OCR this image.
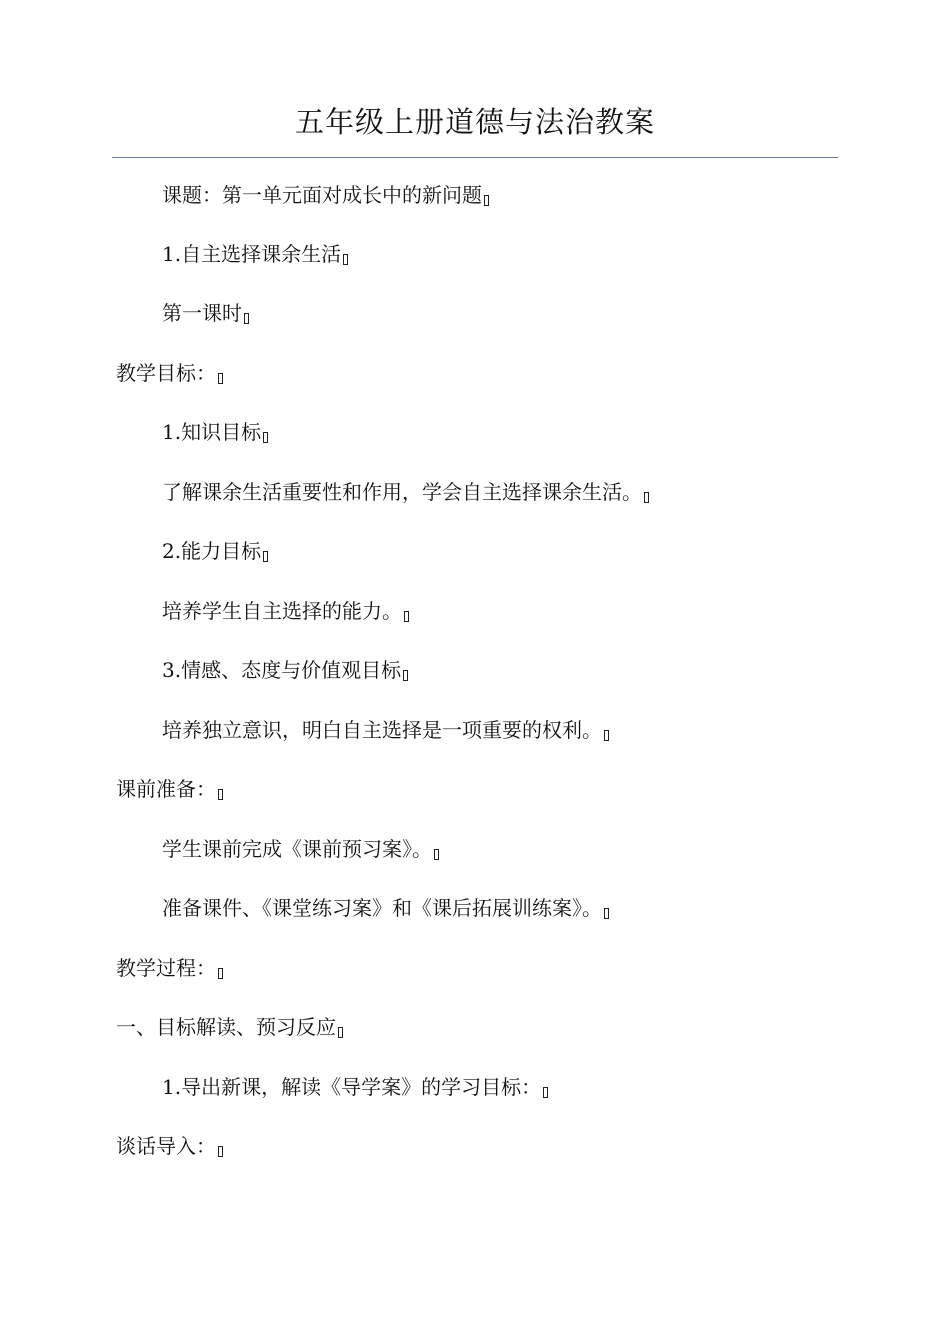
五年级上册道德与法治教案
课题：第一单元面对成长中的新问题
1.自主选择课余生活
第一课时
教学目标：
1.知识目标
了解课余生活重要性和作用，学会自主选择课余生活。
2.能力目标
培养学生自主选择的能力。
3.情感、态度与价值观目标
培养独立意识，明白自主选择是一项重要的权利。
课前准备：
学生课前完成《课前预习案》。
准备课件、《课堂练习案》和《课后拓展训练案》。
教学过程：
一、目标解读、预习反应
1.导出新课，解读《导学案》的学习目标：
谈话导入：
